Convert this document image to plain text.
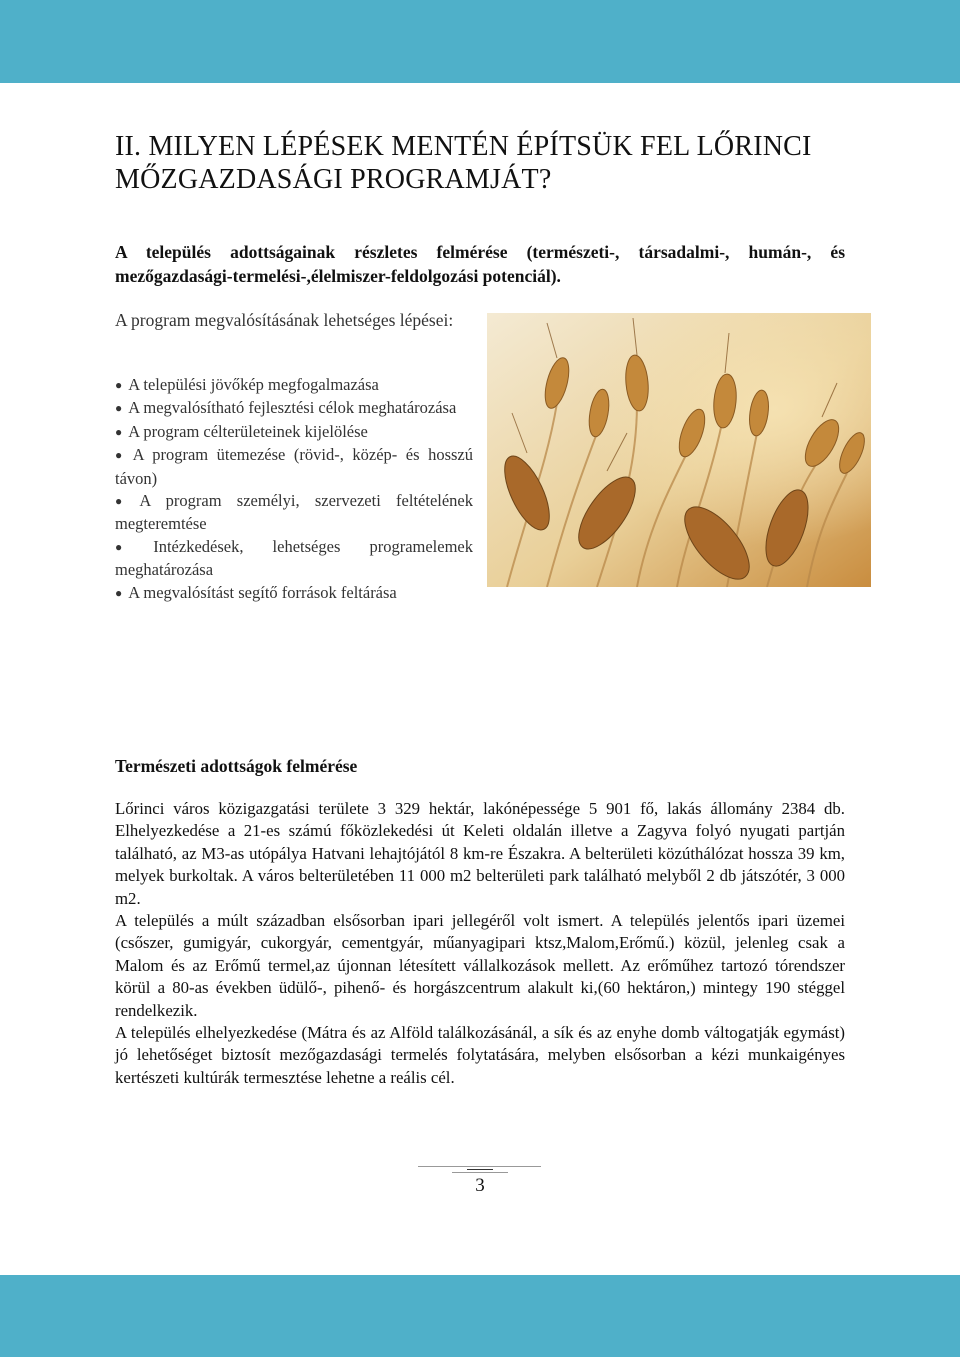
II. MILYEN LÉPÉSEK MENTÉN ÉPÍTSÜK FEL LŐRINCI MŐZGAZDASÁGI PROGRAMJÁT?

A település adottságainak részletes felmérése (természeti-, társadalmi-, humán-, és mezőgazdasági-termelési-,élelmiszer-feldolgozási potenciál).

A program megvalósításának lehetséges lépései:

● A települési jövőkép megfogalmazása
● A megvalósítható fejlesztési célok meghatározása
● A program célterületeinek kijelölése
● A program ütemezése (rövid-, közép- és hosszú távon)
● A program személyi, szervezeti feltételének megteremtése
● Intézkedések, lehetséges programelemek meghatározása
● A megvalósítást segítő források feltárása
Természeti adottságok felmérése

Lőrinci város közigazgatási területe 3 329 hektár, lakónépessége 5 901 fő, lakás állomány 2384 db. Elhelyezkedése a 21-es számú főközlekedési út Keleti oldalán illetve a Zagyva folyó nyugati partján található, az M3-as utópálya Hatvani lehajtójától 8 km-re Északra. A belterületi közúthálózat hossza 39 km, melyek burkoltak. A város belterületében 11 000 m2 belterületi park található melyből 2 db játszótér, 3 000 m2.

A település a múlt században elsősorban ipari jellegéről volt ismert. A település jelentős ipari üzemei (csőszer, gumigyár, cukorgyár, cementgyár, műanyagipari ktsz,Malom,Erőmű.) közül, jelenleg csak a Malom és az Erőmű termel,az újonnan létesített vállalkozások mellett. Az erőműhez tartozó tórendszer körül a 80-as években üdülő-, pihenő- és horgászcentrum alakult ki,(60 hektáron,) mintegy 190 stéggel rendelkezik.

A település elhelyezkedése (Mátra és az Alföld találkozásánál, a sík és az enyhe domb váltogatják egymást) jó lehetőséget biztosít mezőgazdasági termelés folytatására, melyben elsősorban a kézi munkaigényes kertészeti kultúrák termesztése lehetne a reális cél.

3
